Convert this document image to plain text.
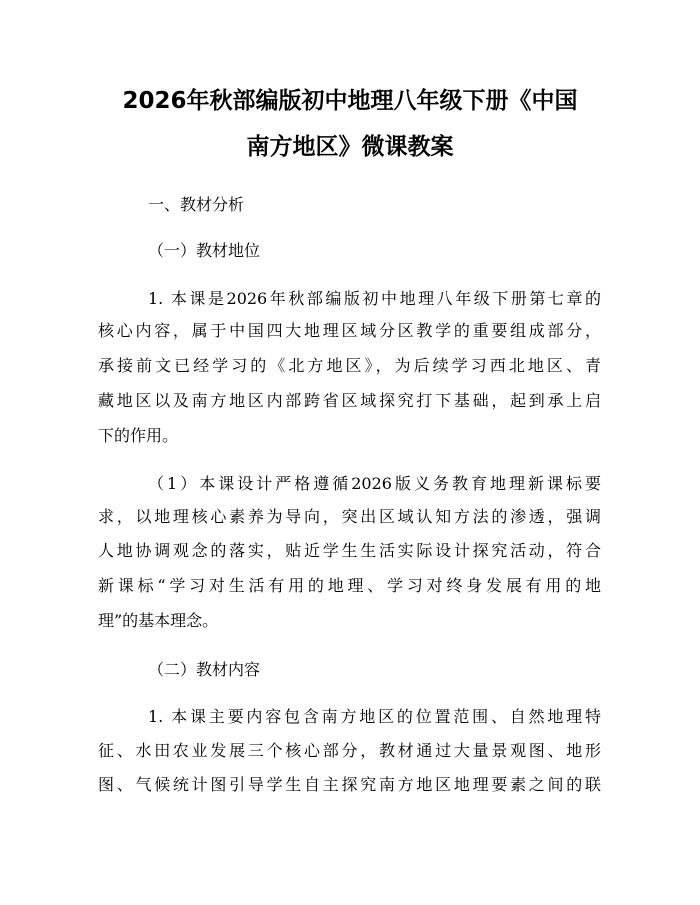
2026年秋部编版初中地理八年级下册《中国
南方地区》微课教案

一、教材分析

（一）教材地位

1. 本课是2026年秋部编版初中地理八年级下册第七章的

核心内容，属于中国四大地理区域分区教学的重要组成部分，

承接前文已经学习的《北方地区》，为后续学习西北地区、青

藏地区以及南方地区内部跨省区域探究打下基础，起到承上启

下的作用。

（1）本课设计严格遵循2026版义务教育地理新课标要

求，以地理核心素养为导向，突出区域认知方法的渗透，强调

人地协调观念的落实，贴近学生生活实际设计探究活动，符合

新课标“学习对生活有用的地理、学习对终身发展有用的地

理”的基本理念。

（二）教材内容

1. 本课主要内容包含南方地区的位置范围、自然地理特

征、水田农业发展三个核心部分，教材通过大量景观图、地形

图、气候统计图引导学生自主探究南方地区地理要素之间的联
